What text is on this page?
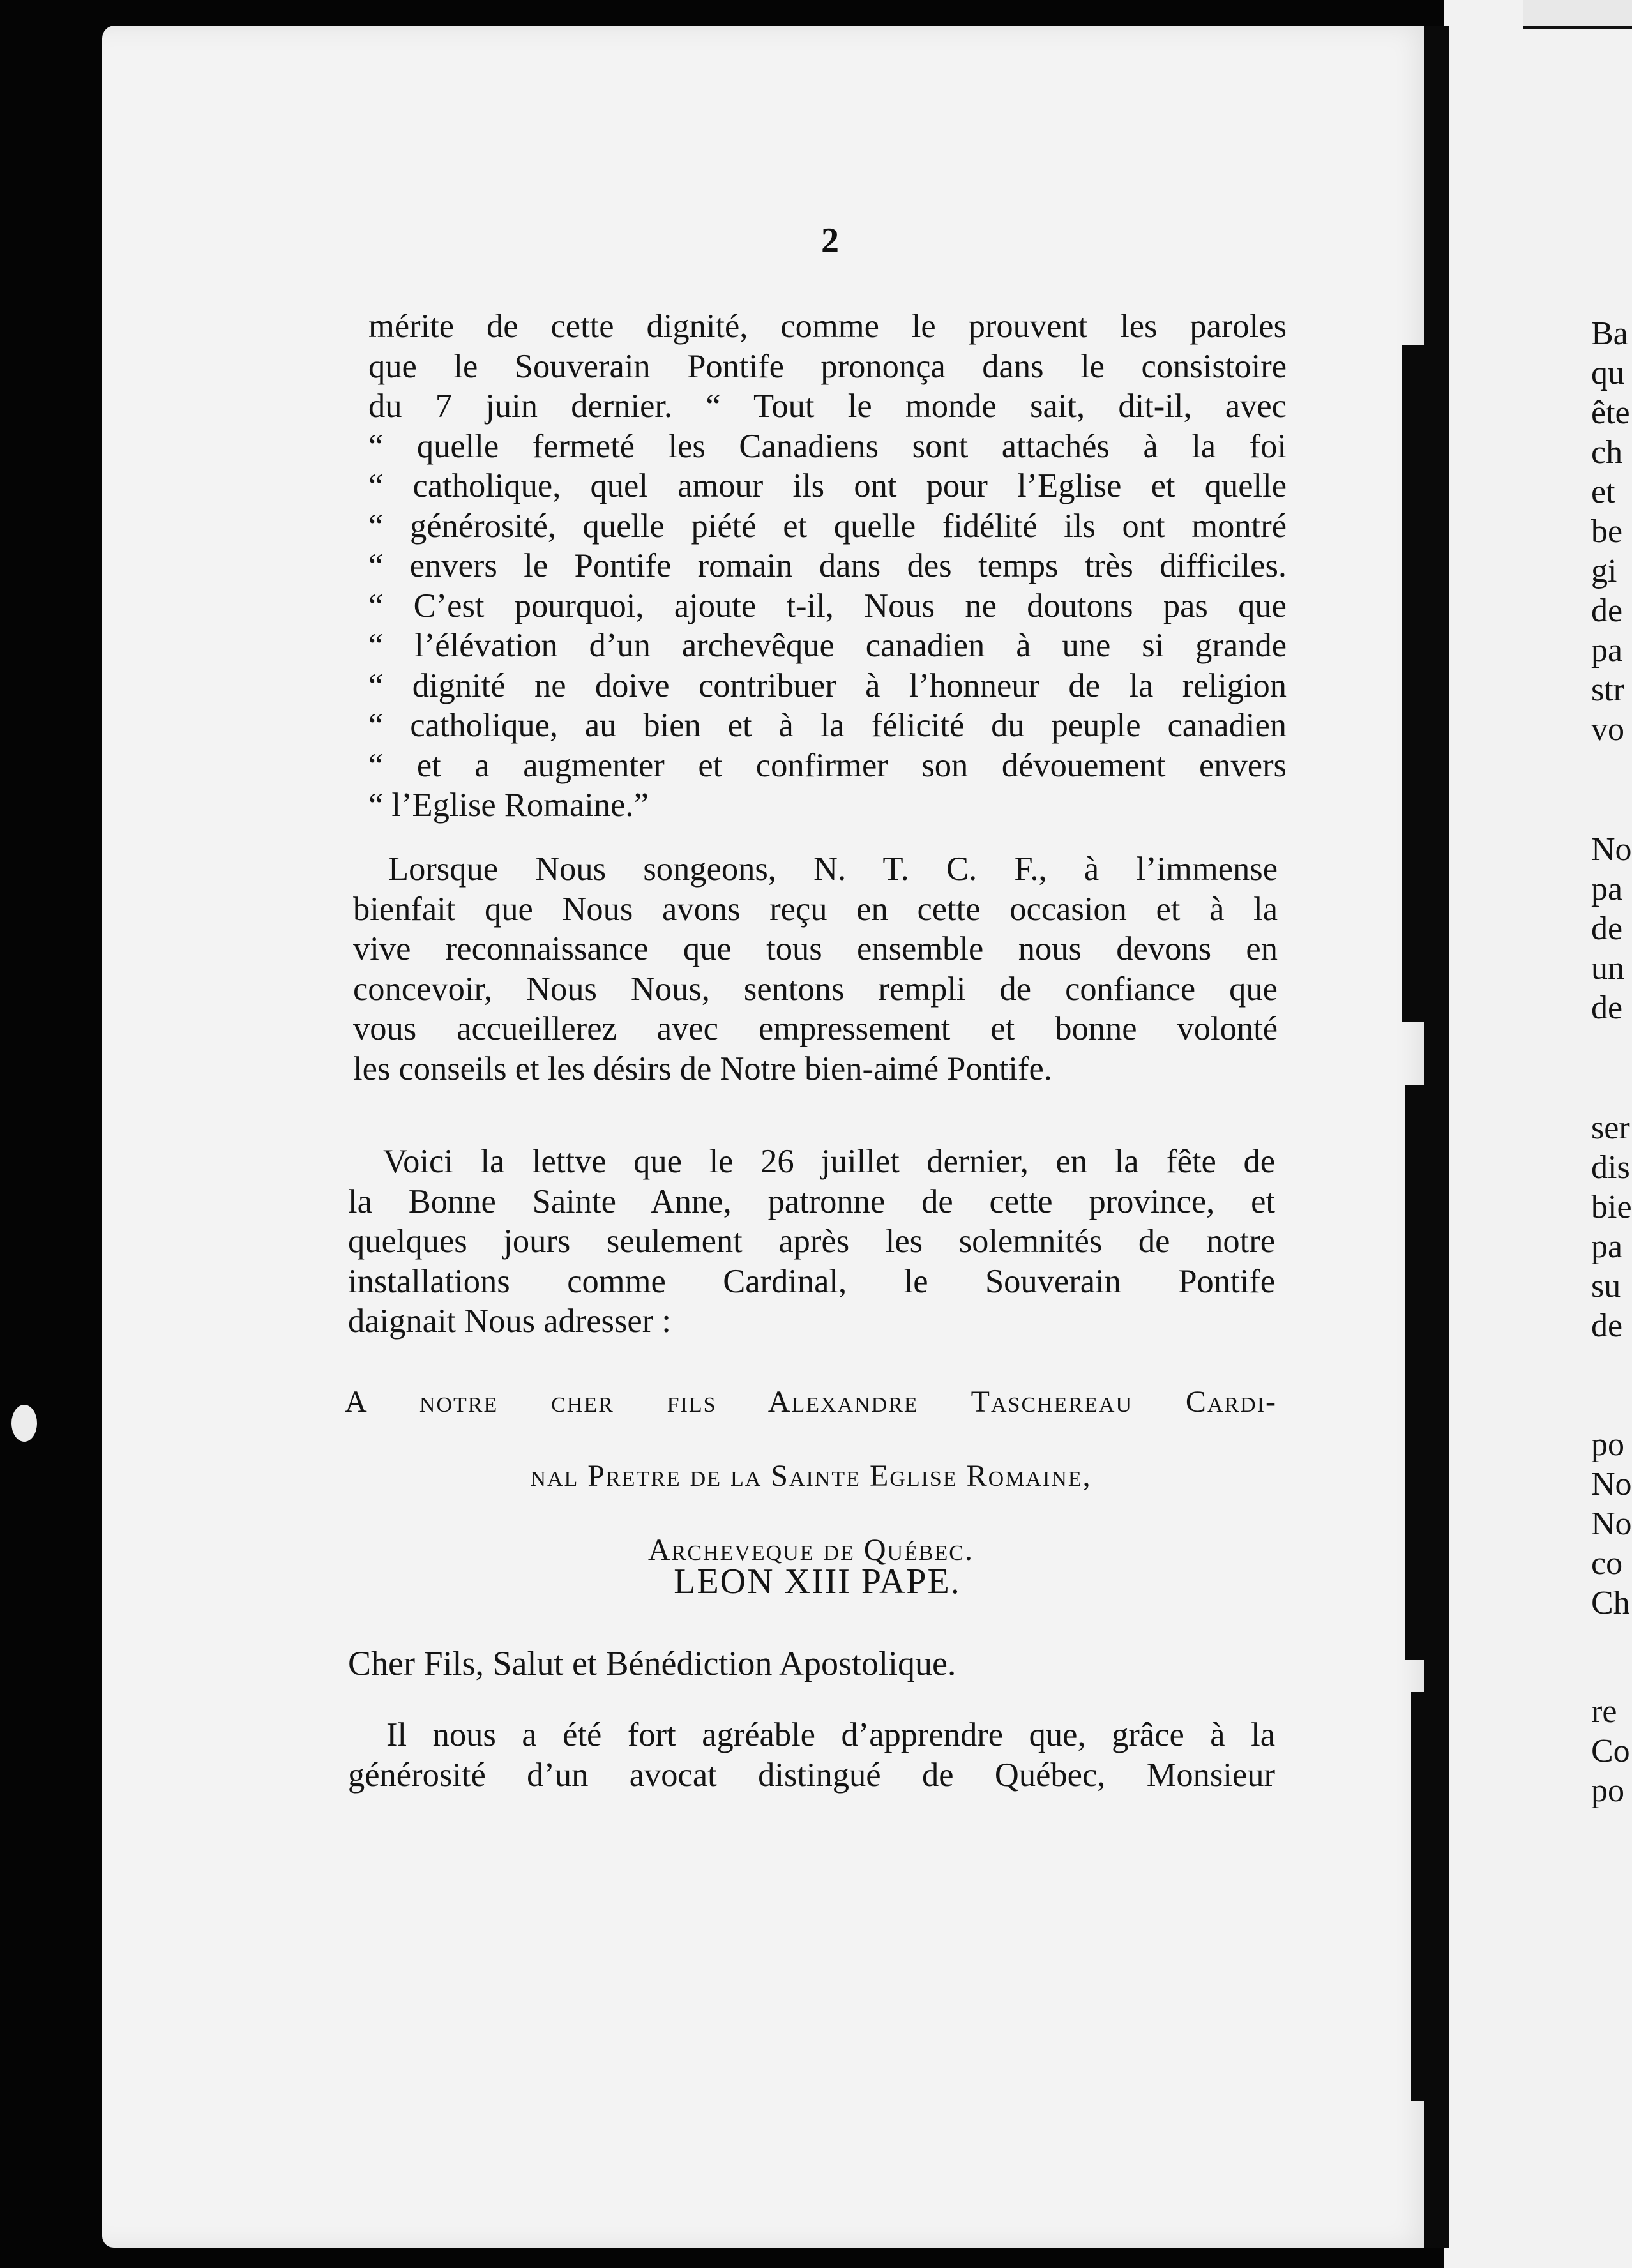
2
mérite de cette dignité, comme le prouvent les paroles
que le Souverain Pontife prononça dans le consistoire
du 7 juin dernier. “ Tout le monde sait, dit-il, avec
“ quelle fermeté les Canadiens sont attachés à la foi
“ catholique, quel amour ils ont pour l’Eglise et quelle
“ générosité, quelle piété et quelle fidélité ils ont montré
“ envers le Pontife romain dans des temps très difficiles.
“ C’est pourquoi, ajoute t-il, Nous ne doutons pas que
“ l’élévation d’un archevêque canadien à une si grande
“ dignité ne doive contribuer à l’honneur de la religion
“ catholique, au bien et à la félicité du peuple canadien
“ et a augmenter et confirmer son dévouement envers
“ l’Eglise Romaine.”
Lorsque Nous songeons, N. T. C. F., à l’immense
bienfait que Nous avons reçu en cette occasion et à la
vive reconnaissance que tous ensemble nous devons en
concevoir, Nous Nous, sentons rempli de confiance que
vous accueillerez avec empressement et bonne volonté
les conseils et les désirs de Notre bien-aimé Pontife.
Voici la lettve que le 26 juillet dernier, en la fête de
la Bonne Sainte Anne, patronne de cette province, et
quelques jours seulement après les solemnités de notre
installations comme Cardinal, le Souverain Pontife
daignait Nous adresser :
A notre cher fils Alexandre Taschereau Cardi-
nal Pretre de la Sainte Eglise Romaine,
Archeveque de Québec.
LEON XIII PAPE.
Cher Fils, Salut et Bénédiction Apostolique.
Il nous a été fort agréable d’apprendre que, grâce à la
générosité d’un avocat distingué de Québec, Monsieur
Ba
qu
ête
ch
et
be
gi
de
pa
str
vo
No
pa
de
un
de
ser
dis
bie
pa
su
de
po
No
No
co
Ch
re
Co
po
